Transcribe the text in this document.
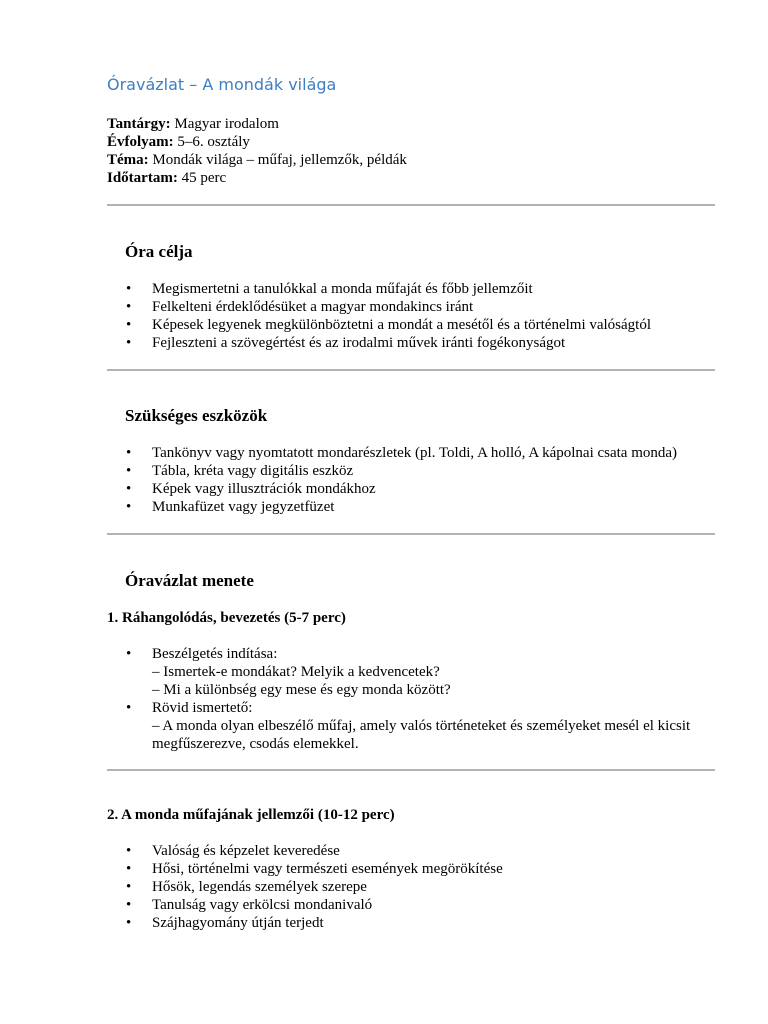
Óravázlat – A mondák világa
Tantárgy: Magyar irodalom
Évfolyam: 5–6. osztály
Téma: Mondák világa – műfaj, jellemzők, példák
Időtartam: 45 perc
Óra célja
• Megismertetni a tanulókkal a monda műfaját és főbb jellemzőit
• Felkelteni érdeklődésüket a magyar mondakincs iránt
• Képesek legyenek megkülönböztetni a mondát a mesétől és a történelmi valóságtól
• Fejleszteni a szövegértést és az irodalmi művek iránti fogékonyságot
Szükséges eszközök
• Tankönyv vagy nyomtatott mondarészletek (pl. Toldi, A holló, A kápolnai csata monda)
• Tábla, kréta vagy digitális eszköz
• Képek vagy illusztrációk mondákhoz
• Munkafüzet vagy jegyzetfüzet
Óravázlat menete
1. Ráhangolódás, bevezetés (5-7 perc)
• Beszélgetés indítása:
– Ismertek-e mondákat? Melyik a kedvencetek?
– Mi a különbség egy mese és egy monda között?
• Rövid ismertető:
– A monda olyan elbeszélő műfaj, amely valós történeteket és személyeket mesél el kicsit
megfűszerezve, csodás elemekkel.
2. A monda műfajának jellemzői (10-12 perc)
• Valóság és képzelet keveredése
• Hősi, történelmi vagy természeti események megörökítése
• Hősök, legendás személyek szerepe
• Tanulság vagy erkölcsi mondanivaló
• Szájhagyomány útján terjedt
